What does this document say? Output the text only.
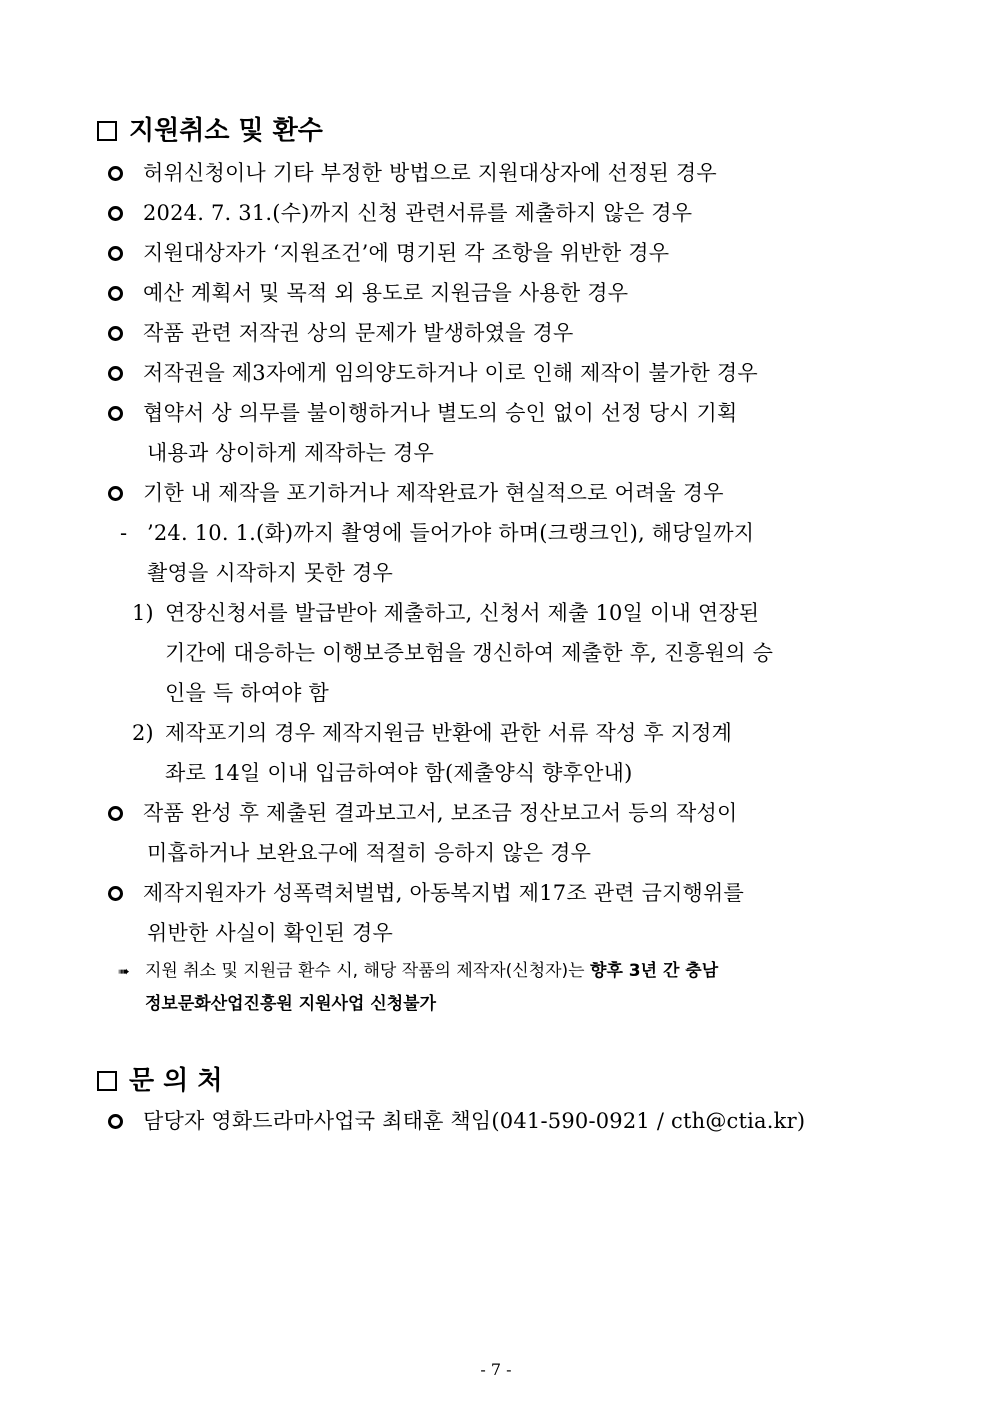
지원취소 및 환수
허위신청이나 기타 부정한 방법으로 지원대상자에 선정된 경우
2024. 7. 31.(수)까지 신청 관련서류를 제출하지 않은 경우
지원대상자가 ‘지원조건’에 명기된 각 조항을 위반한 경우
예산 계획서 및 목적 외 용도로 지원금을 사용한 경우
작품 관련 저작권 상의 문제가 발생하였을 경우
저작권을 제3자에게 임의양도하거나 이로 인해 제작이 불가한 경우
협약서 상 의무를 불이행하거나 별도의 승인 없이 선정 당시 기획
내용과 상이하게 제작하는 경우
기한 내 제작을 포기하거나 제작완료가 현실적으로 어려울 경우
- ’24. 10. 1.(화)까지 촬영에 들어가야 하며(크랭크인), 해당일까지
촬영을 시작하지 못한 경우
1) 연장신청서를 발급받아 제출하고, 신청서 제출 10일 이내 연장된
기간에 대응하는 이행보증보험을 갱신하여 제출한 후, 진흥원의 승
인을 득 하여야 함
2) 제작포기의 경우 제작지원금 반환에 관한 서류 작성 후 지정계
좌로 14일 이내 입금하여야 함(제출양식 향후안내)
작품 완성 후 제출된 결과보고서, 보조금 정산보고서 등의 작성이
미흡하거나 보완요구에 적절히 응하지 않은 경우
제작지원자가 성폭력처벌법, 아동복지법 제17조 관련 금지행위를
위반한 사실이 확인된 경우
➠ 지원 취소 및 지원금 환수 시, 해당 작품의 제작자(신청자)는 향후 3년 간 충남
정보문화산업진흥원 지원사업 신청불가
문 의 처
담당자 영화드라마사업국 최태훈 책임(041-590-0921 / cth@ctia.kr)
- 7 -
